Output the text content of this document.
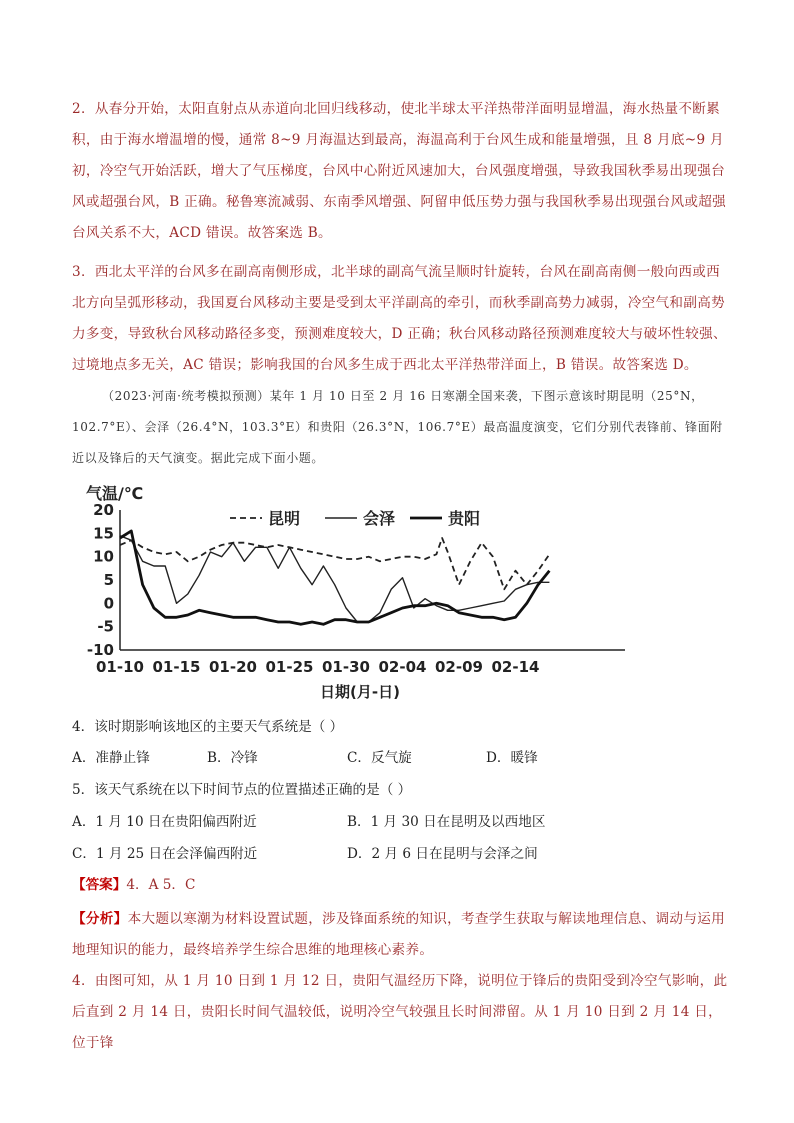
2．从春分开始，太阳直射点从赤道向北回归线移动，使北半球太平洋热带洋面明显增温，海水热量不断累积，由于海水增温增的慢，通常 8~9 月海温达到最高，海温高利于台风生成和能量增强，且 8 月底~9 月初，冷空气开始活跃，增大了气压梯度，台风中心附近风速加大，台风强度增强，导致我国秋季易出现强台风或超强台风，B 正确。秘鲁寒流减弱、东南季风增强、阿留申低压势力强与我国秋季易出现强台风或超强台风关系不大，ACD 错误。故答案选 B。
3．西北太平洋的台风多在副高南侧形成，北半球的副高气流呈顺时针旋转，台风在副高南侧一般向西或西北方向呈弧形移动，我国夏台风移动主要是受到太平洋副高的牵引，而秋季副高势力减弱，冷空气和副高势力多变，导致秋台风移动路径多变，预测难度较大，D 正确；秋台风移动路径预测难度较大与破坏性较强、过境地点多无关，AC 错误；影响我国的台风多生成于西北太平洋热带洋面上，B 错误。故答案选 D。
（2023·河南·统考模拟预测）某年 1 月 10 日至 2 月 16 日寒潮全国来袭，下图示意该时期昆明（25°N，102.7°E）、会泽（26.4°N，103.3°E）和贵阳（26.3°N，106.7°E）最高温度演变，它们分别代表锋前、锋面附近以及锋后的天气演变。据此完成下面小题。
气温/℃
昆明	会泽	贵阳
20
15
10
5
0
-5
-10
01-10 01-15 01-20 01-25 01-30 02-04 02-09 02-14
日期(月-日)
4．该时期影响该地区的主要天气系统是（ ）
A．准静止锋	B．冷锋	C．反气旋	D．暖锋
5．该天气系统在以下时间节点的位置描述正确的是（ ）
A．1 月 10 日在贵阳偏西附近	B．1 月 30 日在昆明及以西地区
C．1 月 25 日在会泽偏西附近	D．2 月 6 日在昆明与会泽之间
【答案】4．A 5．C
【分析】本大题以寒潮为材料设置试题，涉及锋面系统的知识，考查学生获取与解读地理信息、调动与运用地理知识的能力，最终培养学生综合思维的地理核心素养。
4．由图可知，从 1 月 10 日到 1 月 12 日，贵阳气温经历下降，说明位于锋后的贵阳受到冷空气影响，此后直到 2 月 14 日，贵阳长时间气温较低，说明冷空气较强且长时间滞留。从 1 月 10 日到 2 月 14 日，位于锋
